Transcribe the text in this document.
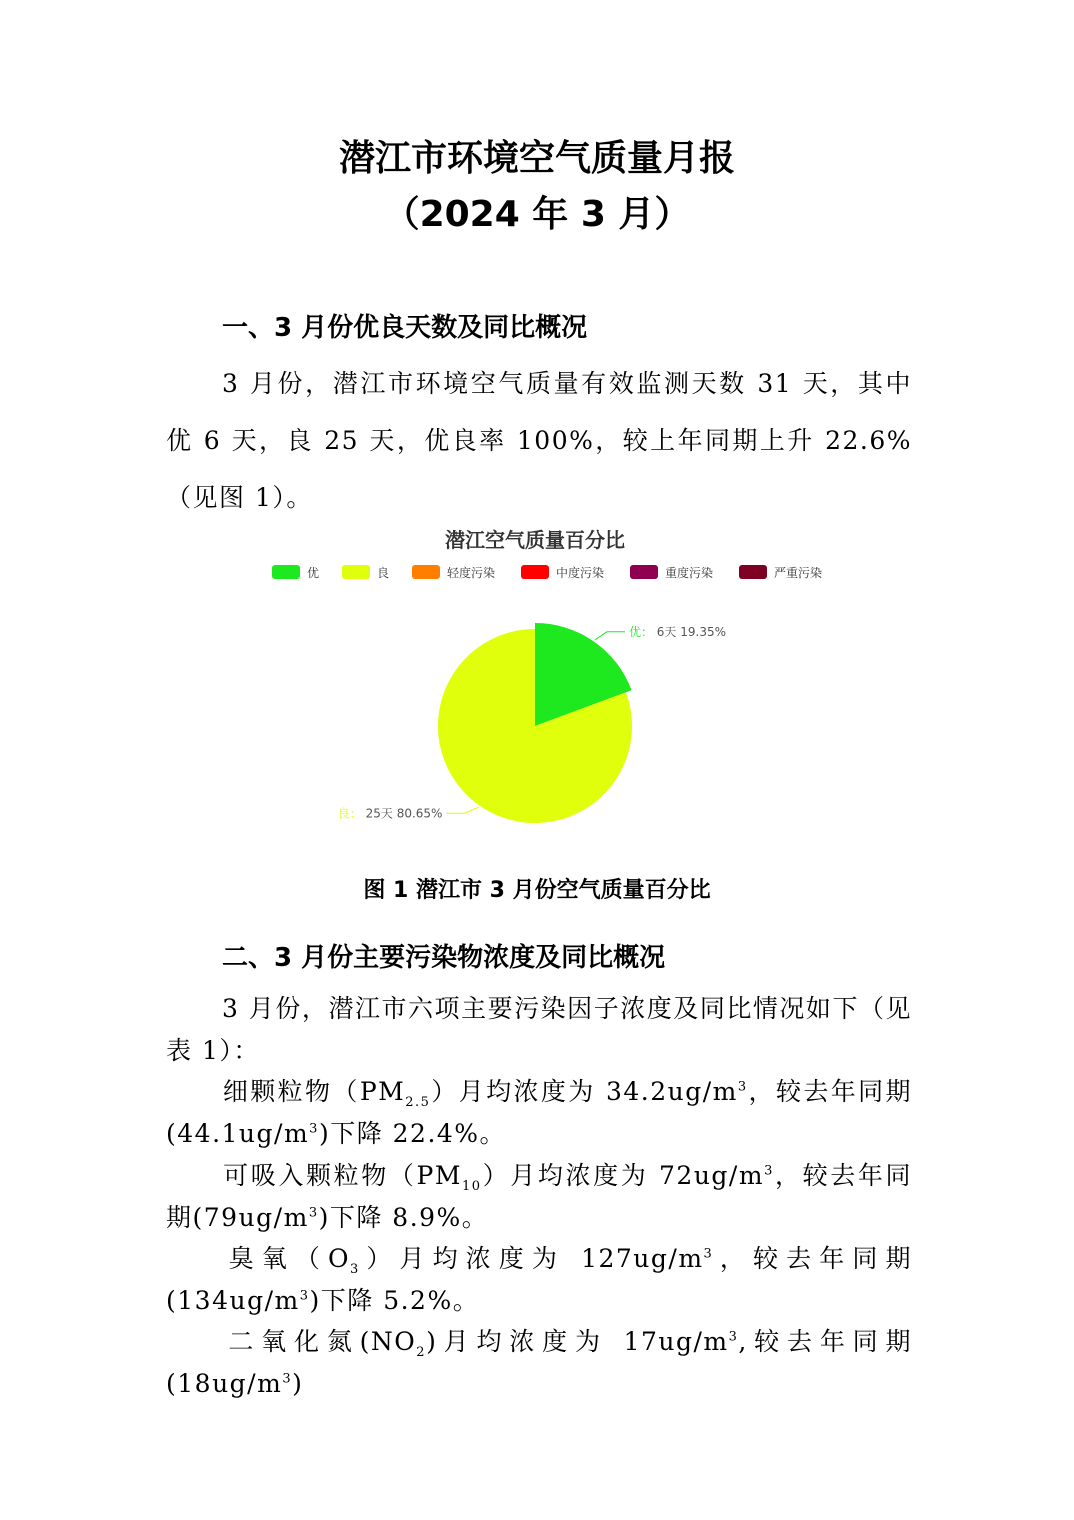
潜江市环境空气质量月报
（2024 年 3 月）
一、3 月份优良天数及同比概况
3 月份，潜江市环境空气质量有效监测天数 31 天，其中优 6 天，良 25 天，优良率 100%，较上年同期上升 22.6%（见图 1）。
潜江空气质量百分比
优	良	轻度污染	中度污染	重度污染	严重污染
优： 6天 19.35%
良： 25天 80.65%
图 1 潜江市 3 月份空气质量百分比
二、3 月份主要污染物浓度及同比概况
3 月份，潜江市六项主要污染因子浓度及同比情况如下（见表 1）：
细颗粒物$(PM_{2.5})$月均浓度为 $34.2ug/m^3$，较去年同期$(44.1ug/m^3)$下降 22.4%。
可吸入颗粒物$(PM_{10})$月均浓度为 $72ug/m^3$，较去年同期$(79ug/m^3)$下降 8.9%。
臭氧$(O_3)$月均浓度为 $127ug/m^3$，较去年同期$(134ug/m^3)$下降 5.2%。
二氧化氮$(NO_2)$月均浓度为 $17ug/m^3$,较去年同期$(18ug/m^3)$
